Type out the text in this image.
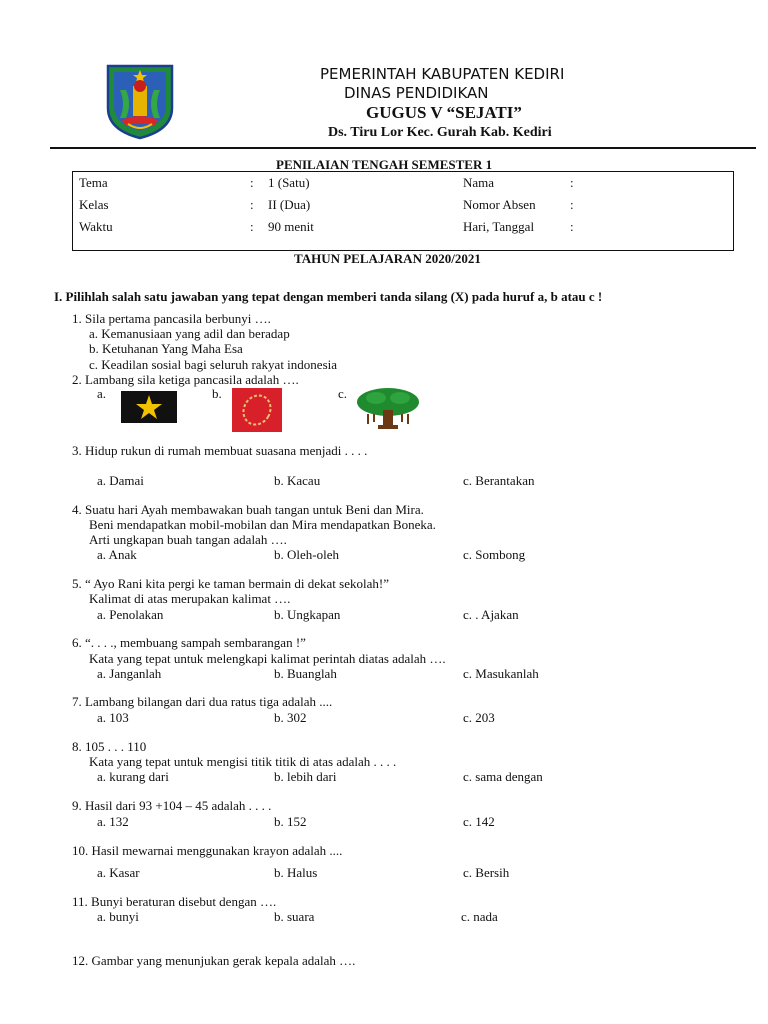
PEMERINTAH KABUPATEN KEDIRI
DINAS PENDIDIKAN
GUGUS V “SEJATI”
Ds. Tiru Lor Kec. Gurah Kab. Kediri
PENILAIAN TENGAH SEMESTER 1
Tema	: 1 (Satu)	Nama	:
Kelas	: II (Dua)	Nomor Absen	:
Waktu	: 90 menit	Hari, Tanggal	:
TAHUN PELAJARAN 2020/2021
I. Pilihlah salah satu jawaban yang tepat dengan memberi tanda silang (X) pada huruf a, b atau c !
1. Sila pertama pancasila berbunyi ….
a. Kemanusiaan yang adil dan beradap
b. Ketuhanan Yang Maha Esa
c. Keadilan sosial bagi seluruh rakyat indonesia
2. Lambang sila ketiga pancasila adalah ….
a.	b.	c.
3. Hidup rukun di rumah membuat suasana menjadi . . . .
a. Damai	b. Kacau	c. Berantakan
4. Suatu hari Ayah membawakan buah tangan untuk Beni dan Mira.
Beni mendapatkan mobil-mobilan dan Mira mendapatkan Boneka.
Arti ungkapan buah tangan adalah ….
a. Anak	b. Oleh-oleh	c. Sombong
5. “ Ayo Rani kita pergi ke taman bermain di dekat sekolah!”
Kalimat di atas merupakan kalimat ….
a. Penolakan	b. Ungkapan	c. . Ajakan
6. “. . . ., membuang sampah sembarangan !”
Kata yang tepat untuk melengkapi kalimat perintah diatas adalah ….
a. Janganlah	b. Buanglah	c. Masukanlah
7. Lambang bilangan dari dua ratus tiga adalah ....
a. 103	b. 302	c. 203
8. 105 . . . 110
Kata yang tepat untuk mengisi titik titik di atas adalah . . . .
a. kurang dari	b. lebih dari	c. sama dengan
9. Hasil dari 93 +104 – 45 adalah . . . .
a. 132	b. 152	c. 142
10. Hasil mewarnai menggunakan krayon adalah ....
a. Kasar	b. Halus	c. Bersih
11. Bunyi beraturan disebut dengan ….
a. bunyi	b. suara	c. nada
12. Gambar yang menunjukan gerak kepala adalah ….
